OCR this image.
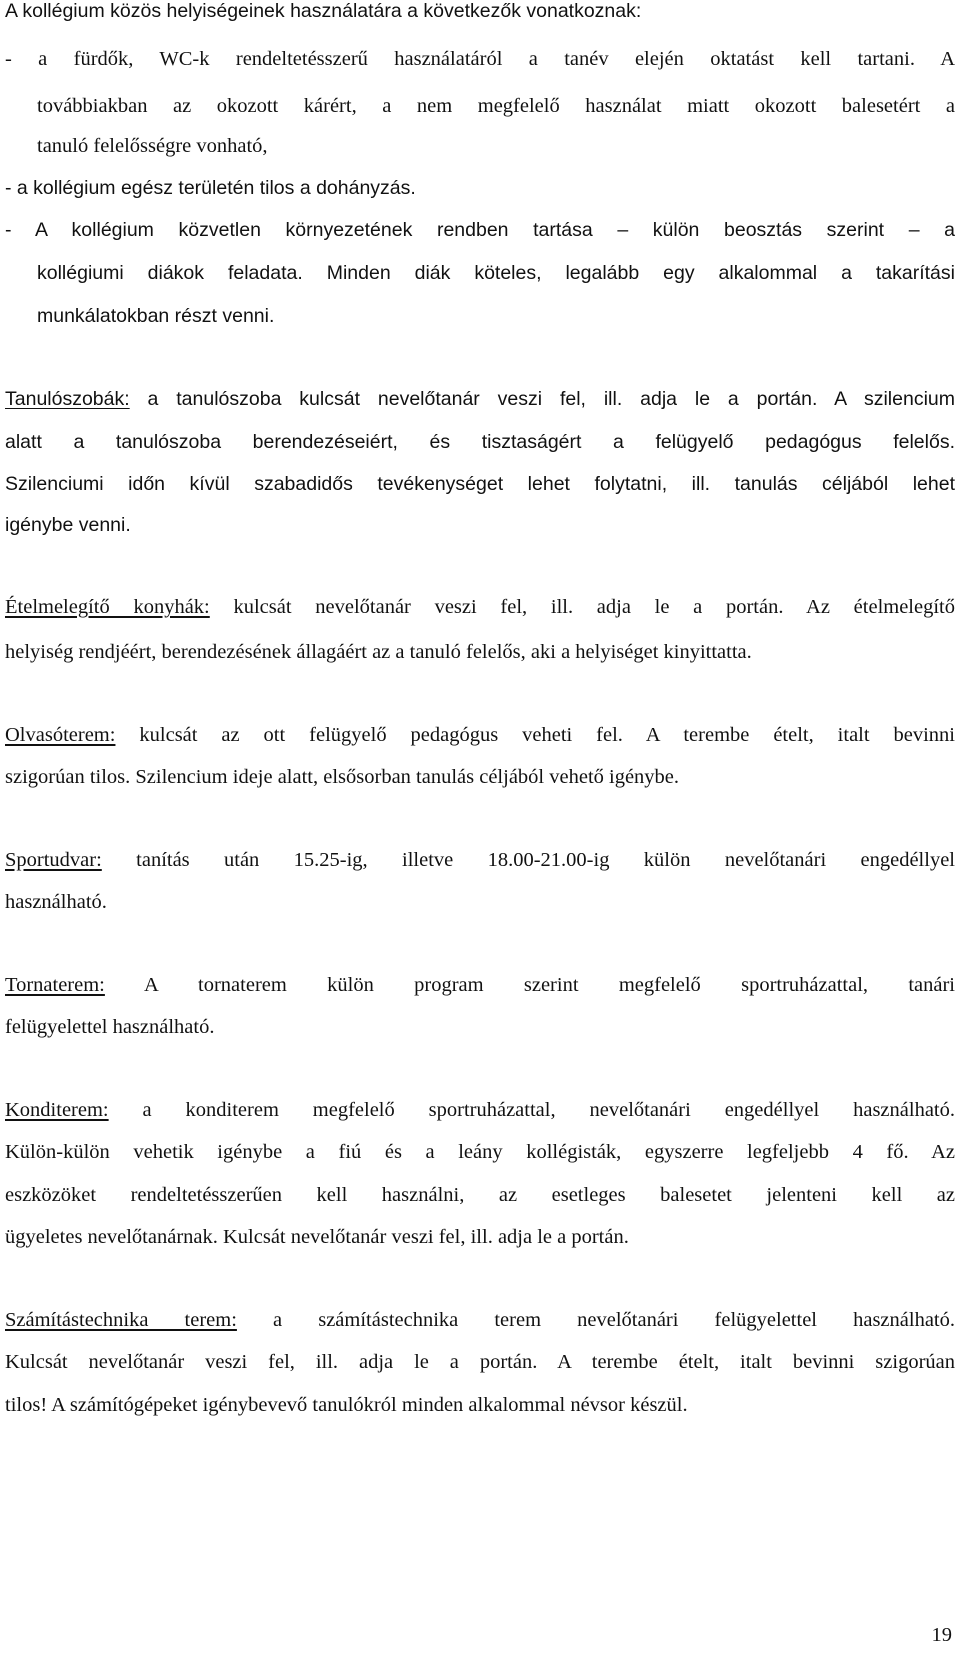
A kollégium közös helyiségeinek használatára a következők vonatkoznak:
- a fürdők, WC-k rendeltetésszerű használatáról a tanév elején oktatást kell tartani. A
továbbiakban az okozott kárért, a nem megfelelő használat miatt okozott balesetért a
tanuló felelősségre vonható,
- a kollégium egész területén tilos a dohányzás.
- A kollégium közvetlen környezetének rendben tartása – külön beosztás szerint – a
kollégiumi diákok feladata. Minden diák köteles, legalább egy alkalommal a takarítási
munkálatokban részt venni.
Tanulószobák: a tanulószoba kulcsát nevelőtanár veszi fel, ill. adja le a portán. A szilencium
alatt a tanulószoba berendezéseiért, és tisztaságért a felügyelő pedagógus felelős.
Szilenciumi időn kívül szabadidős tevékenységet lehet folytatni, ill. tanulás céljából lehet
igénybe venni.
Ételmelegítő konyhák: kulcsát nevelőtanár veszi fel, ill. adja le a portán. Az ételmelegítő
helyiség rendjéért, berendezésének állagáért az a tanuló felelős, aki a helyiséget kinyittatta.
Olvasóterem: kulcsát az ott felügyelő pedagógus veheti fel. A terembe ételt, italt bevinni
szigorúan tilos. Szilencium ideje alatt, elsősorban tanulás céljából vehető igénybe.
Sportudvar: tanítás után 15.25-ig, illetve 18.00-21.00-ig külön nevelőtanári engedéllyel
használható.
Tornaterem: A tornaterem külön program szerint megfelelő sportruházattal, tanári
felügyelettel használható.
Konditerem: a konditerem megfelelő sportruházattal, nevelőtanári engedéllyel használható.
Külön-külön vehetik igénybe a fiú és a leány kollégisták, egyszerre legfeljebb 4 fő. Az
eszközöket rendeltetésszerűen kell használni, az esetleges balesetet jelenteni kell az
ügyeletes nevelőtanárnak. Kulcsát nevelőtanár veszi fel, ill. adja le a portán.
Számítástechnika terem: a számítástechnika terem nevelőtanári felügyelettel használható.
Kulcsát nevelőtanár veszi fel, ill. adja le a portán. A terembe ételt, italt bevinni szigorúan
tilos! A számítógépeket igénybevevő tanulókról minden alkalommal névsor készül.
19
